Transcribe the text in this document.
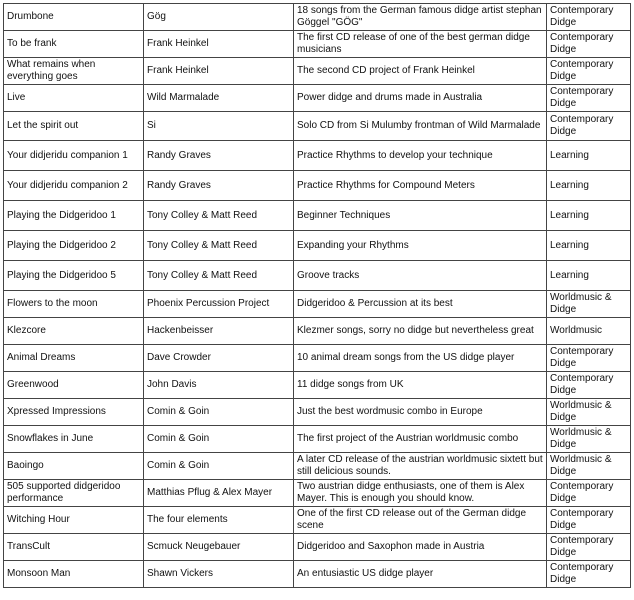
Drumbone	Gög	18 songs from the German famous didge artist stephan Göggel "GÖG"	Contemporary Didge
To be frank	Frank Heinkel	The first CD release of one of the best german didge musicians	Contemporary Didge
What remains when everything goes	Frank Heinkel	The second CD project of Frank Heinkel	Contemporary Didge
Live	Wild Marmalade	Power didge and drums made in Australia	Contemporary Didge
Let the spirit out	Si	Solo CD from Si Mulumby frontman of Wild Marmalade	Contemporary Didge
Your didjeridu companion 1	Randy Graves	Practice Rhythms to develop your technique	Learning
Your didjeridu companion 2	Randy Graves	Practice Rhythms for Compound Meters	Learning
Playing the Didgeridoo 1	Tony Colley & Matt Reed	Beginner Techniques	Learning
Playing the Didgeridoo 2	Tony Colley & Matt Reed	Expanding your Rhythms	Learning
Playing the Didgeridoo 5	Tony Colley & Matt Reed	Groove tracks	Learning
Flowers to the moon	Phoenix Percussion Project	Didgeridoo & Percussion at its best	Worldmusic & Didge
Klezcore	Hackenbeisser	Klezmer songs, sorry no didge but nevertheless great	Worldmusic
Animal Dreams	Dave Crowder	10 animal dream songs from the US didge player	Contemporary Didge
Greenwood	John Davis	11 didge songs from UK	Contemporary Didge
Xpressed Impressions	Comin & Goin	Just the best wordmusic combo in Europe	Worldmusic & Didge
Snowflakes in June	Comin & Goin	The first project of the Austrian worldmusic combo	Worldmusic & Didge
Baoingo	Comin & Goin	A later CD release of the austrian worldmusic sixtett but still delicious sounds.	Worldmusic & Didge
505 supported didgeridoo performance	Matthias Pflug & Alex Mayer	Two austrian didge enthusiasts, one of them is Alex Mayer. This is enough you should know.	Contemporary Didge
Witching Hour	The four elements	One of the first CD release out of the German didge scene	Contemporary Didge
TransCult	Scmuck Neugebauer	Didgeridoo and Saxophon made in Austria	Contemporary Didge
Monsoon Man	Shawn Vickers	An entusiastic US didge player	Contemporary Didge
